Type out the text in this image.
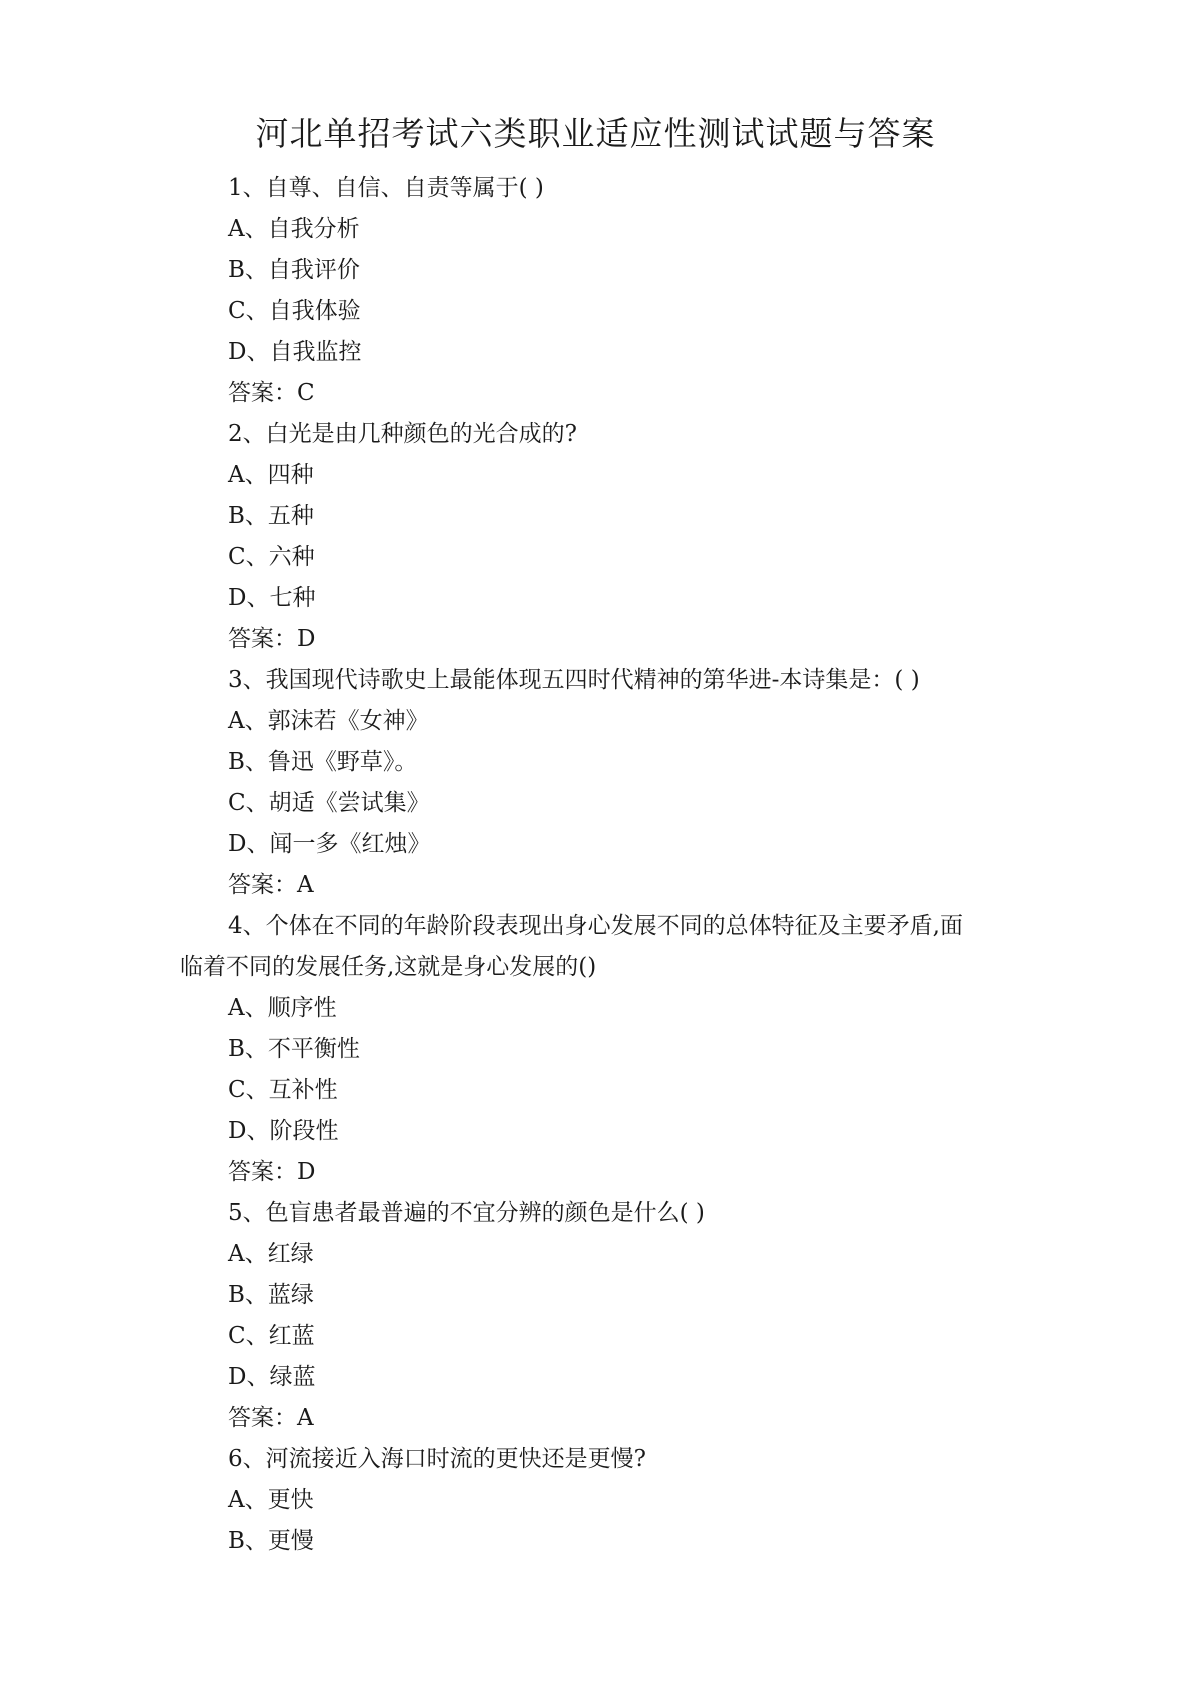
河北单招考试六类职业适应性测试试题与答案

1、自尊、自信、自责等属于( )

A、自我分析

B、自我评价

C、自我体验

D、自我监控

答案：C

2、白光是由几种颜色的光合成的?

A、四种

B、五种

C、六种

D、七种

答案：D

3、我国现代诗歌史上最能体现五四时代精神的第华进-本诗集是：( )

A、郭沫若《女神》

B、鲁迅《野草》。

C、胡适《尝试集》

D、闻一多《红烛》

答案：A

4、个体在不同的年龄阶段表现出身心发展不同的总体特征及主要矛盾,面

临着不同的发展任务,这就是身心发展的()

A、顺序性

B、不平衡性

C、互补性

D、阶段性

答案：D

5、色盲患者最普遍的不宜分辨的颜色是什么( )

A、红绿

B、蓝绿

C、红蓝

D、绿蓝

答案：A

6、河流接近入海口时流的更快还是更慢?

A、更快

B、更慢
